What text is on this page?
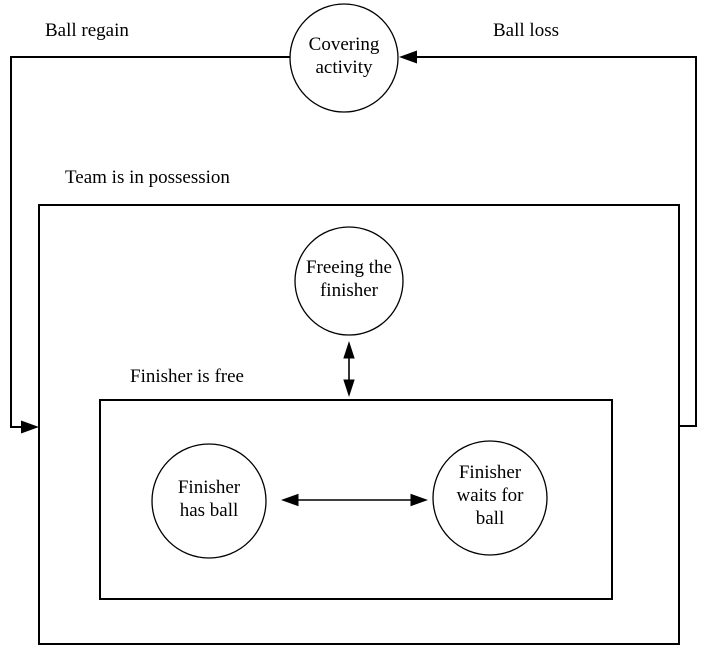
Ball regain	Ball loss
Team is in possession
Finisher is free
Covering
activity
Freeing the
finisher
Finisher
has ball
Finisher
waits for
ball
